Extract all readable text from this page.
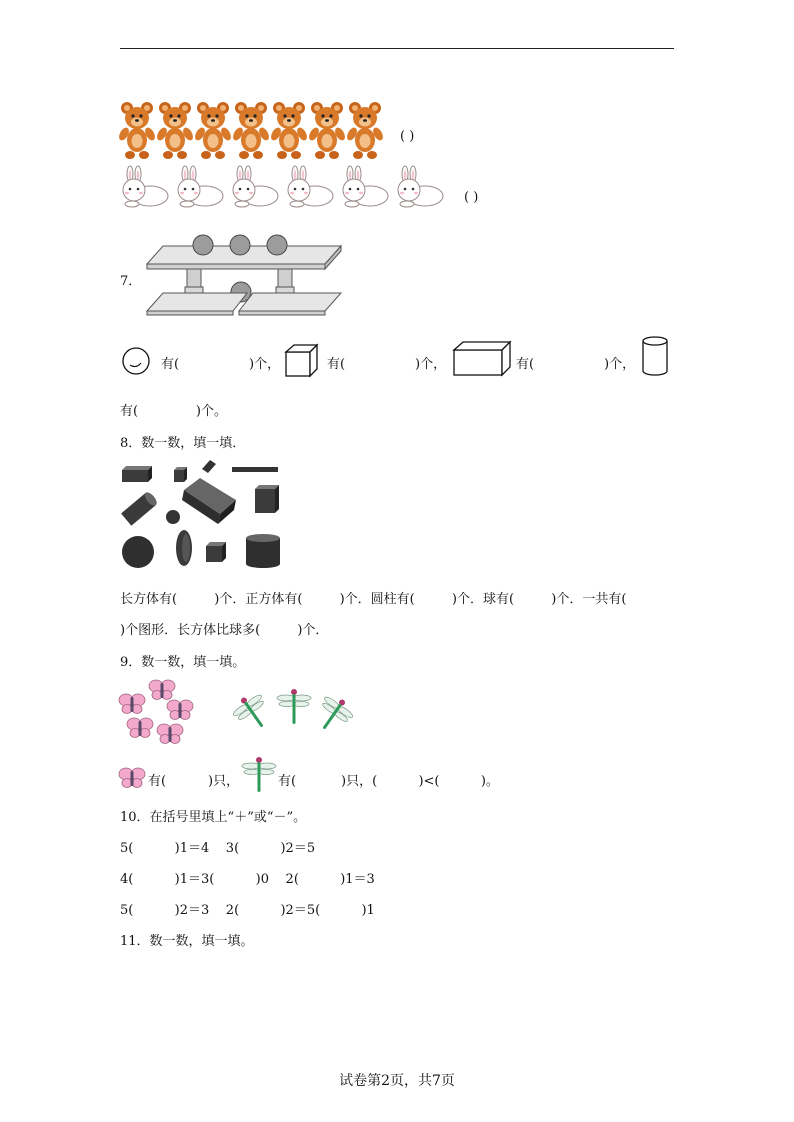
( )
( )
7．
有(	)个，	有(	)个，	有(	)个，
有(              )个。
8．数一数，填一填．
长方体有(         )个．正方体有(         )个．圆柱有(         )个．球有(         )个．一共有(
)个图形．长方体比球多(         )个．
9．数一数，填一填。
有(	)只，	有(	)只，(          )<(          )。
10．在括号里填上“＋”或“－”。
5(          )1＝4    3(          )2＝5
4(          )1＝3(          )0    2(          )1＝3
5(          )2＝3    2(          )2＝5(          )1
11．数一数，填一填。
试卷第2页，共7页
